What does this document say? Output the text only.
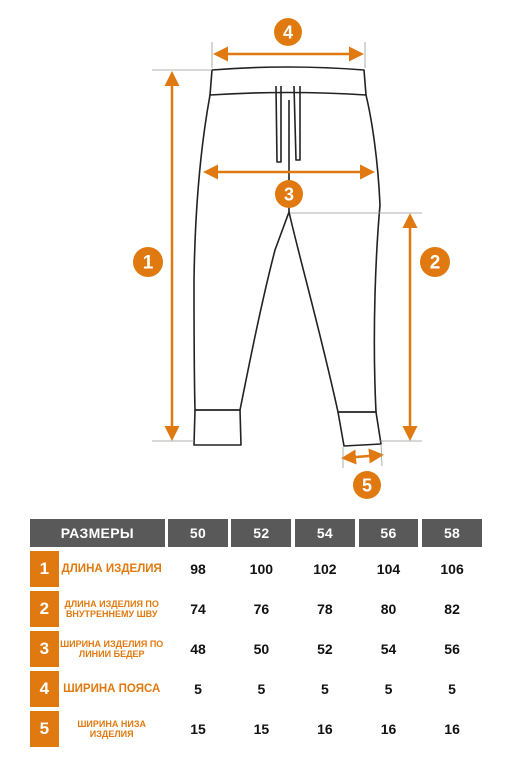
4
1
3
2
5
РАЗМЕРЫ			50		52		54		56		58
1	ДЛИНА ИЗДЕЛИЯ		98		100		102		104		106
2	ДЛИНА ИЗДЕЛИЯ ПО ВНУТРЕННЕМУ ШВУ		74		76		78		80		82
3	ШИРИНА ИЗДЕЛИЯ ПО ЛИНИИ БЕДЕР		48		50		52		54		56
4	ШИРИНА ПОЯСА		5		5		5		5		5
5	ШИРИНА НИЗА ИЗДЕЛИЯ		15		15		16		16		16
